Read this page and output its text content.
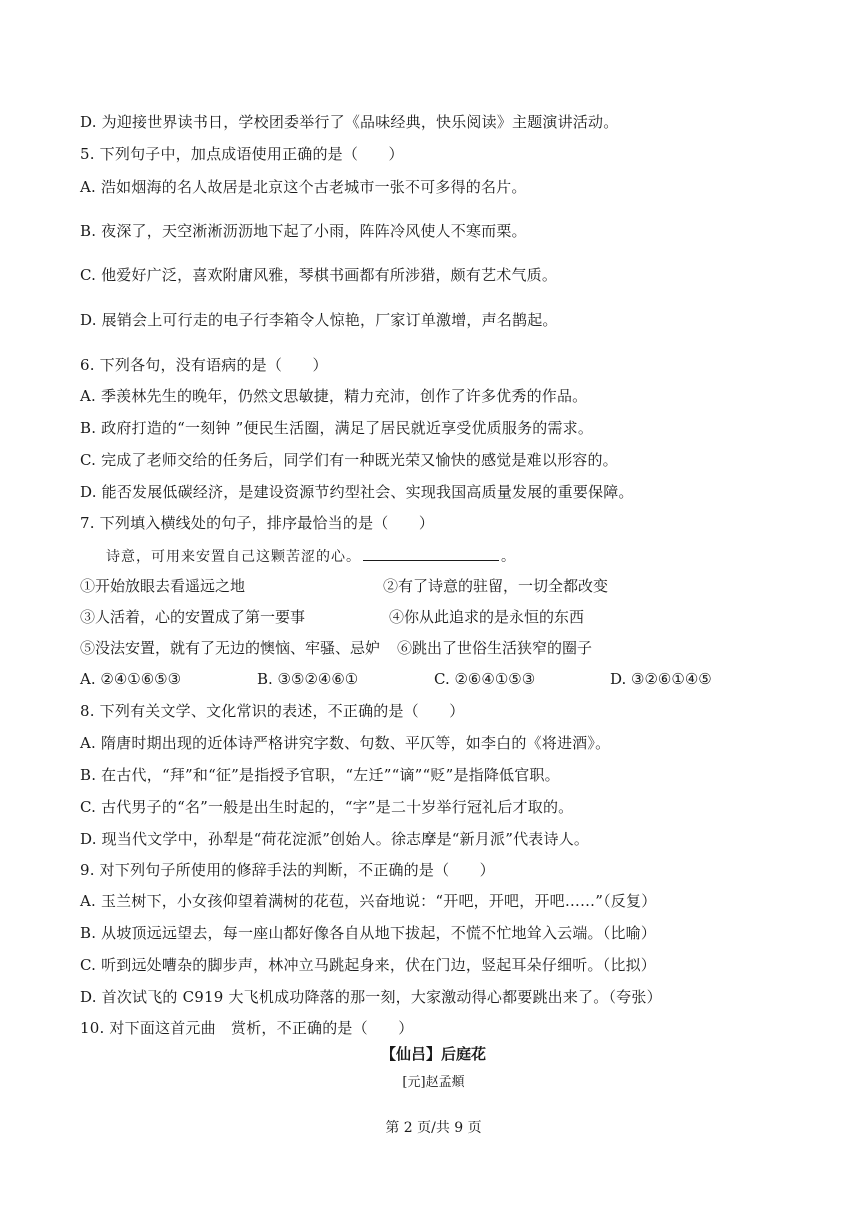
D. 为迎接世界读书日，学校团委举行了《品味经典，快乐阅读》主题演讲活动。
5. 下列句子中，加点成语使用正确的是（　　）
A. 浩如烟海的名人故居是北京这个古老城市一张不可多得的名片。
B. 夜深了，天空淅淅沥沥地下起了小雨，阵阵冷风使人不寒而栗。
C. 他爱好广泛，喜欢附庸风雅，琴棋书画都有所涉猎，颇有艺术气质。
D. 展销会上可行走的电子行李箱令人惊艳，厂家订单激增，声名鹊起。
6. 下列各句，没有语病的是（　　）
A. 季羡林先生的晚年，仍然文思敏捷，精力充沛，创作了许多优秀的作品。
B. 政府打造的“一刻钟 ”便民生活圈，满足了居民就近享受优质服务的需求。
C. 完成了老师交给的任务后，同学们有一种既光荣又愉快的感觉是难以形容的。
D. 能否发展低碳经济，是建设资源节约型社会、实现我国高质量发展的重要保障。
7. 下列填入横线处的句子，排序最恰当的是（　　）
诗意，可用来安置自己这颗苦涩的心。	。
①开始放眼去看遥远之地	②有了诗意的驻留，一切全都改变
③人活着，心的安置成了第一要事	④你从此追求的是永恒的东西
⑤没法安置，就有了无边的懊恼、牢骚、忌妒 ⑥跳出了世俗生活狭窄的圈子
A. ②④①⑥⑤③	B. ③⑤②④⑥①	C. ②⑥④①⑤③	D. ③②⑥①④⑤
8. 下列有关文学、文化常识的表述，不正确的是（　　）
A. 隋唐时期出现的近体诗严格讲究字数、句数、平仄等，如李白的《将进酒》。
B. 在古代，“拜”和“征”是指授予官职，“左迁”“谪”“贬”是指降低官职。
C. 古代男子的“名”一般是出生时起的，“字”是二十岁举行冠礼后才取的。
D. 现当代文学中，孙犁是“荷花淀派”创始人。徐志摩是“新月派”代表诗人。
9. 对下列句子所使用的修辞手法的判断，不正确的是（　　）
A. 玉兰树下，小女孩仰望着满树的花苞，兴奋地说：“开吧，开吧，开吧……”（反复）
B. 从坡顶远远望去，每一座山都好像各自从地下拔起，不慌不忙地耸入云端。（比喻）
C. 听到远处嘈杂的脚步声，林冲立马跳起身来，伏在门边，竖起耳朵仔细听。（比拟）
D. 首次试飞的 C919 大飞机成功降落的那一刻，大家激动得心都要跳出来了。（夸张）
10. 对下面这首元曲　赏析，不正确的是（　　）
【仙吕】后庭花
[元]赵孟頫
第 2 页/共 9 页
